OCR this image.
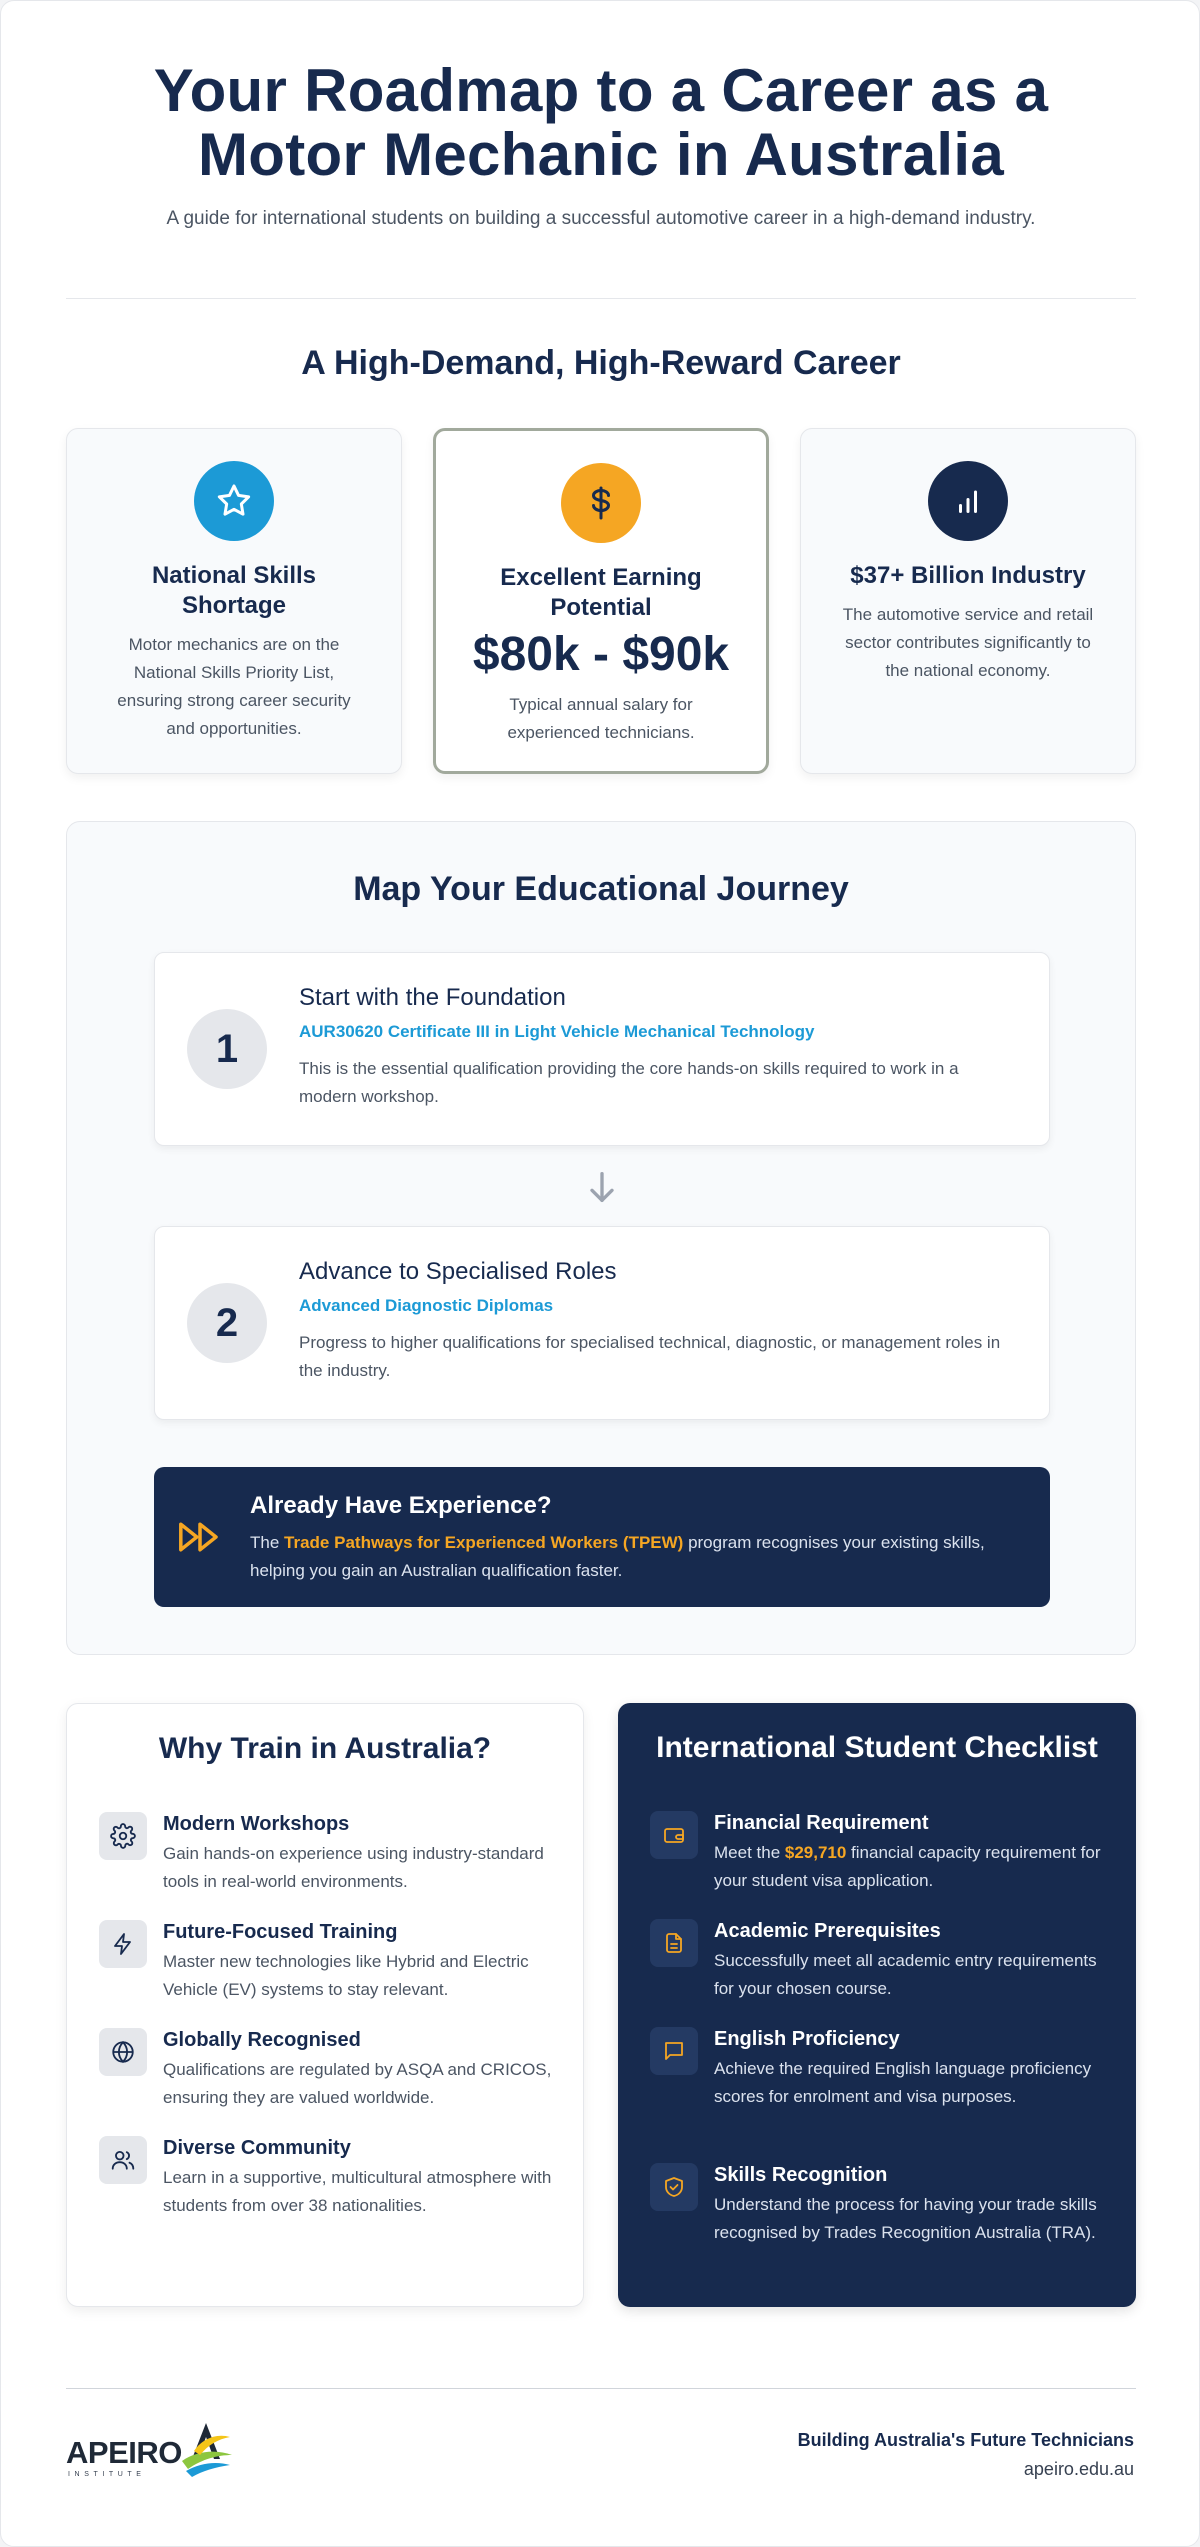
Your Roadmap to a Career as a
Motor Mechanic in Australia

A guide for international students on building a successful automotive career in a high-demand industry.

A High-Demand, High-Reward Career
National Skills Shortage

Motor mechanics are on the National Skills Priority List, ensuring strong career security and opportunities.

Excellent Earning Potential
$80k - $90k

Typical annual salary for experienced technicians.

$37+ Billion Industry

The automotive service and retail sector contributes significantly to the national economy.

Map Your Educational Journey
1
Start with the Foundation
AUR30620 Certificate III in Light Vehicle Mechanical Technology

This is the essential qualification providing the core hands-on skills required to work in a modern workshop.

2
Advance to Specialised Roles
Advanced Diagnostic Diplomas

Progress to higher qualifications for specialised technical, diagnostic, or management roles in the industry.

Already Have Experience?

The Trade Pathways for Experienced Workers (TPEW) program recognises your existing skills, helping you gain an Australian qualification faster.

Why Train in Australia?
Modern Workshops

Gain hands-on experience using industry-standard tools in real-world environments.

Future-Focused Training

Master new technologies like Hybrid and Electric Vehicle (EV) systems to stay relevant.

Globally Recognised

Qualifications are regulated by ASQA and CRICOS, ensuring they are valued worldwide.

Diverse Community

Learn in a supportive, multicultural atmosphere with students from over 38 nationalities.

International Student Checklist
Financial Requirement

Meet the $29,710 financial capacity requirement for your student visa application.

Academic Prerequisites

Successfully meet all academic entry requirements for your chosen course.

English Proficiency

Achieve the required English language proficiency scores for enrolment and visa purposes.

Skills Recognition

Understand the process for having your trade skills recognised by Trades Recognition Australia (TRA).

APEIRO
INSTITUTE
Building Australia's Future Technicians
apeiro.edu.au
